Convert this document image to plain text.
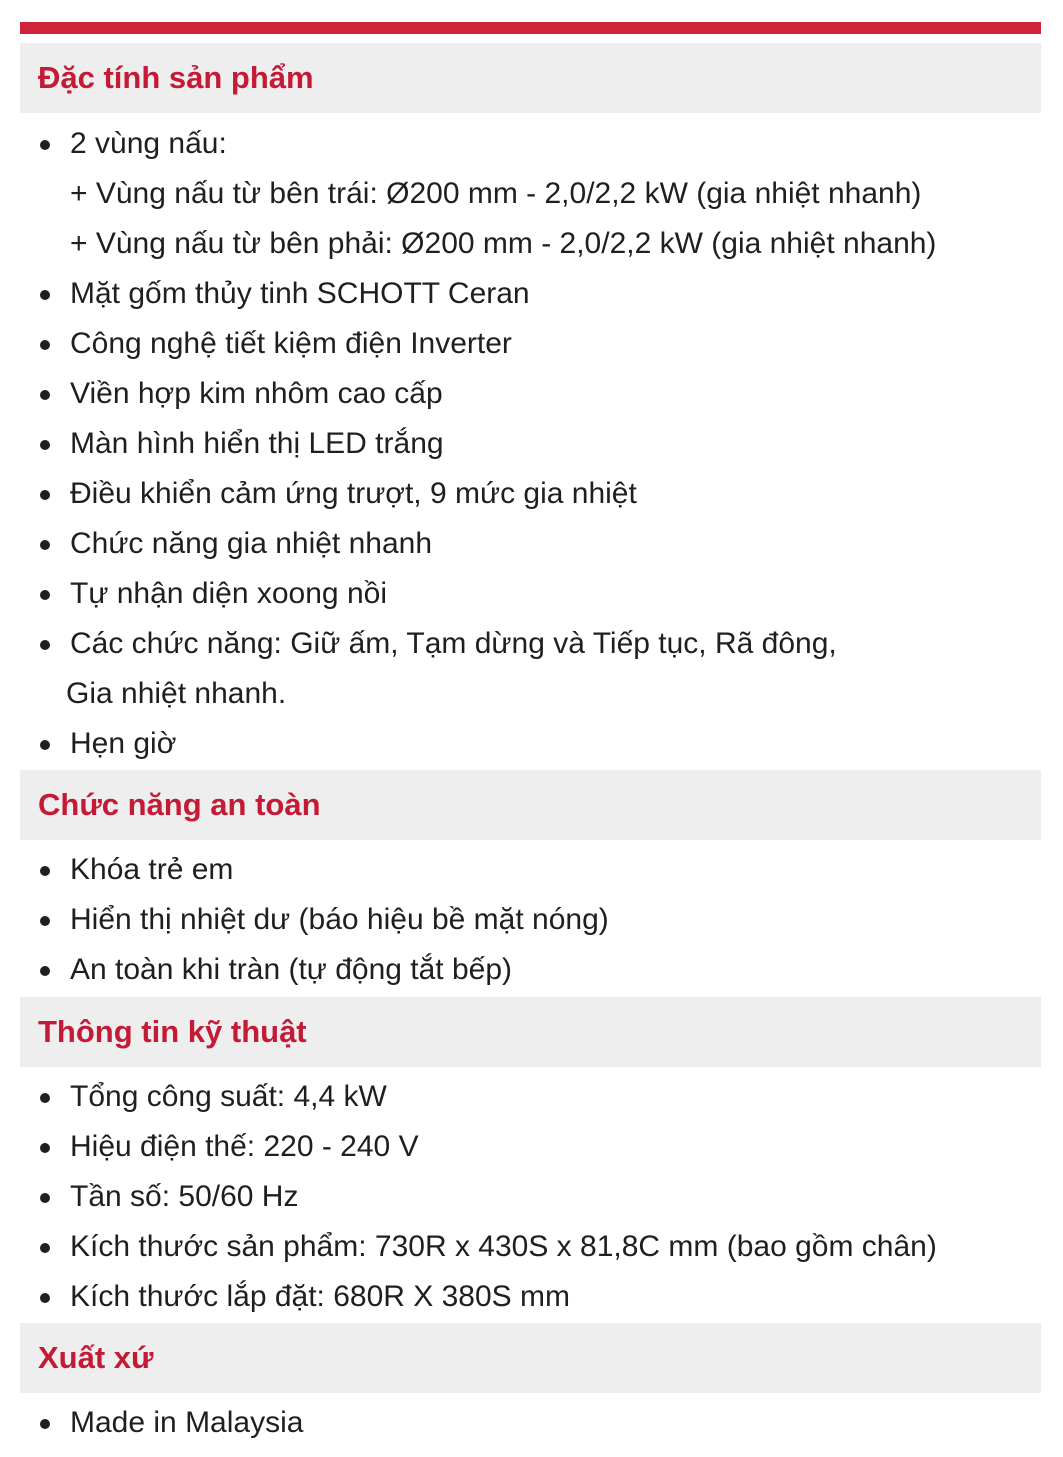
Đặc tính sản phẩm
2 vùng nấu:
+ Vùng nấu từ bên trái: Ø200 mm - 2,0/2,2 kW (gia nhiệt nhanh)
+ Vùng nấu từ bên phải: Ø200 mm - 2,0/2,2 kW (gia nhiệt nhanh)
Mặt gốm thủy tinh SCHOTT Ceran
Công nghệ tiết kiệm điện Inverter
Viền hợp kim nhôm cao cấp
Màn hình hiển thị LED trắng
Điều khiển cảm ứng trượt, 9 mức gia nhiệt
Chức năng gia nhiệt nhanh
Tự nhận diện xoong nồi
Các chức năng: Giữ ấm, Tạm dừng và Tiếp tục, Rã đông,
Gia nhiệt nhanh.
Hẹn giờ
Chức năng an toàn
Khóa trẻ em
Hiển thị nhiệt dư (báo hiệu bề mặt nóng)
An toàn khi tràn (tự động tắt bếp)
Thông tin kỹ thuật
Tổng công suất: 4,4 kW
Hiệu điện thế: 220 - 240 V
Tần số: 50/60 Hz
Kích thước sản phẩm: 730R x 430S x 81,8C mm (bao gồm chân)
Kích thước lắp đặt: 680R X 380S mm
Xuất xứ
Made in Malaysia
